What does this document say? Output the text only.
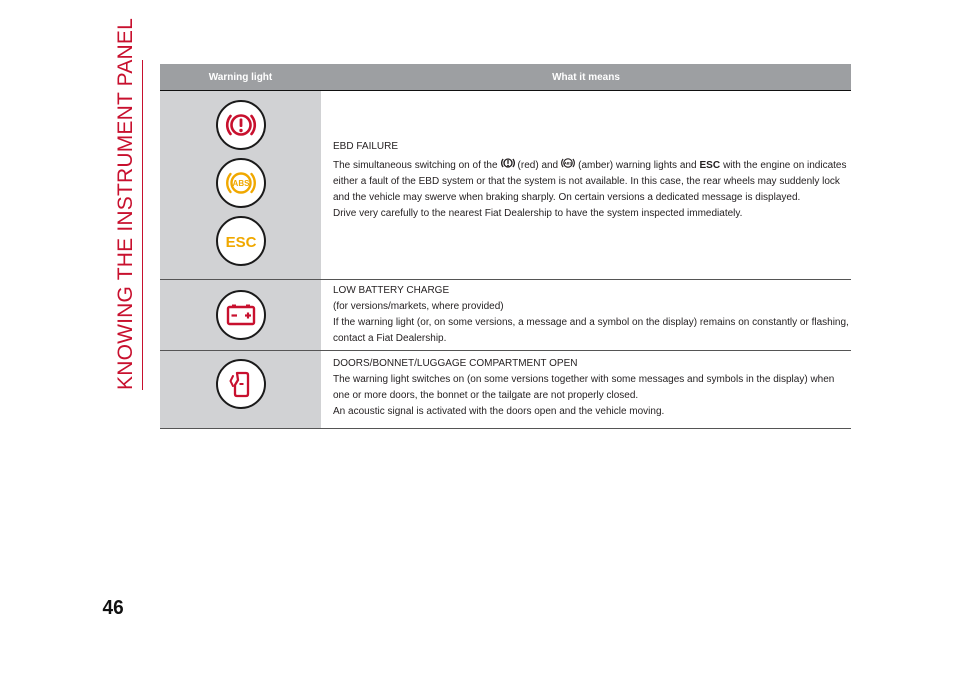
KNOWING THE INSTRUMENT PANEL	Warning light	What it means
ABS
ESC

EBD FAILURE

The simultaneous switching on of the (red) and ABS (amber) warning lights and ESC with the engine on indicates either a fault of the EBD system or that the system is not available. In this case, the rear wheels may suddenly lock and the vehicle may swerve when braking sharply. On certain versions a dedicated message is displayed.

Drive very carefully to the nearest Fiat Dealership to have the system inspected immediately.

LOW BATTERY CHARGE

(for versions/markets, where provided)

If the warning light (or, on some versions, a message and a symbol on the display) remains on constantly or flashing, contact a Fiat Dealership.

DOORS/BONNET/LUGGAGE COMPARTMENT OPEN

The warning light switches on (on some versions together with some messages and symbols in the display) when one or more doors, the bonnet or the tailgate are not properly closed.

An acoustic signal is activated with the doors open and the vehicle moving.

46
